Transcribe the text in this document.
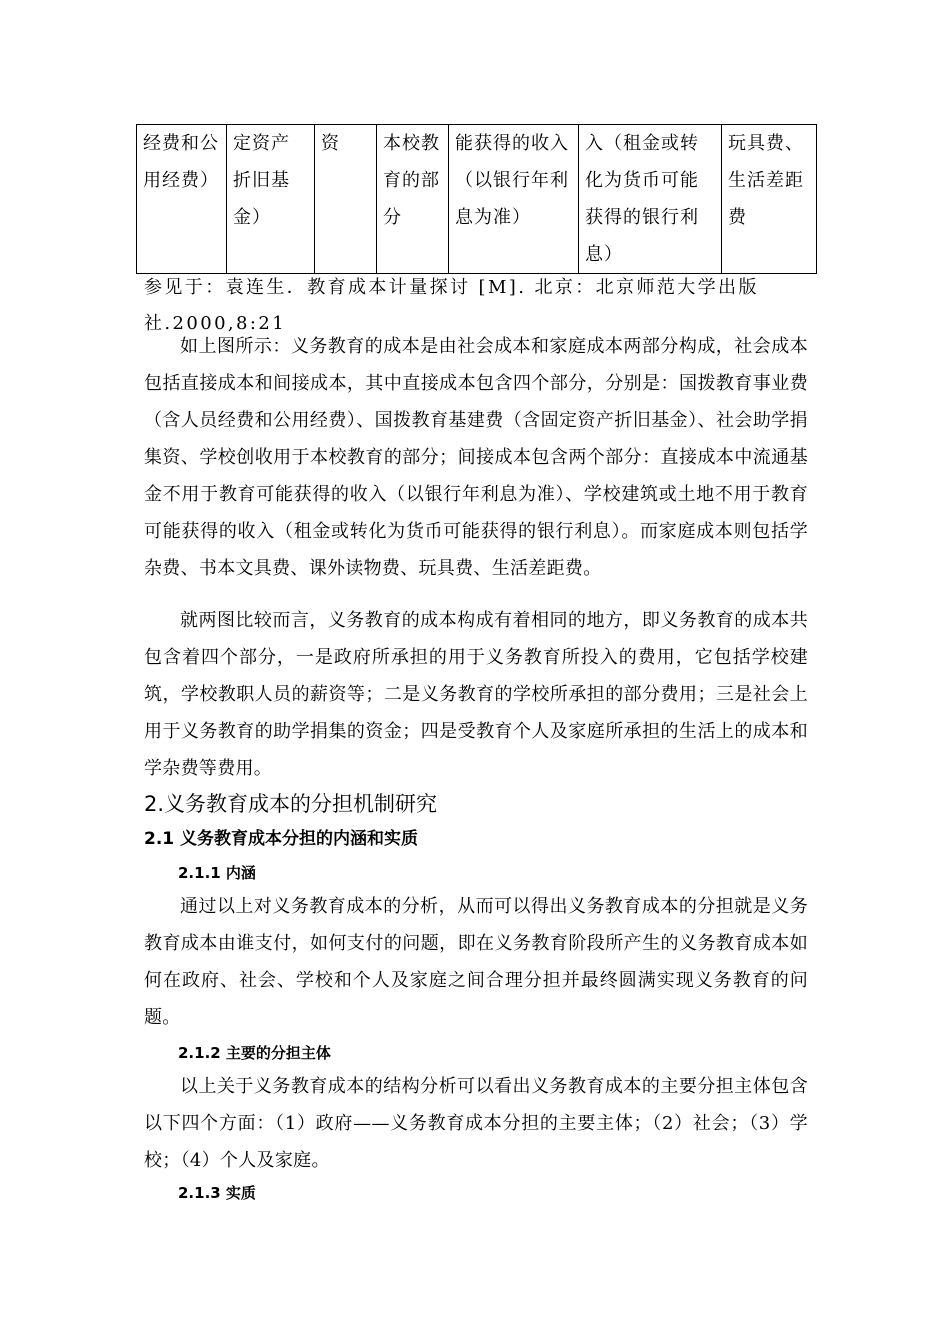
经费和公用经费）	定资产折旧基金）	资	本校教育的部分	能获得的收入（以银行年利息为准）	入（租金或转化为货币可能获得的银行利息）	玩具费、生活差距费
参见于：袁连生．教育成本计量探讨 [M]. 北京：北京师范大学出版社.2000,8:21

如上图所示：义务教育的成本是由社会成本和家庭成本两部分构成，社会成本包括直接成本和间接成本，其中直接成本包含四个部分，分别是：国拨教育事业费（含人员经费和公用经费）、国拨教育基建费（含固定资产折旧基金）、社会助学捐集资、学校创收用于本校教育的部分；间接成本包含两个部分：直接成本中流通基金不用于教育可能获得的收入（以银行年利息为准）、学校建筑或土地不用于教育可能获得的收入（租金或转化为货币可能获得的银行利息）。而家庭成本则包括学杂费、书本文具费、课外读物费、玩具费、生活差距费。

就两图比较而言，义务教育的成本构成有着相同的地方，即义务教育的成本共包含着四个部分，一是政府所承担的用于义务教育所投入的费用，它包括学校建筑，学校教职人员的薪资等；二是义务教育的学校所承担的部分费用；三是社会上用于义务教育的助学捐集的资金；四是受教育个人及家庭所承担的生活上的成本和学杂费等费用。

2.义务教育成本的分担机制研究
2.1 义务教育成本分担的内涵和实质
2.1.1 内涵

通过以上对义务教育成本的分析，从而可以得出义务教育成本的分担就是义务教育成本由谁支付，如何支付的问题，即在义务教育阶段所产生的义务教育成本如何在政府、社会、学校和个人及家庭之间合理分担并最终圆满实现义务教育的问题。

2.1.2 主要的分担主体

以上关于义务教育成本的结构分析可以看出义务教育成本的主要分担主体包含以下四个方面：（1）政府——义务教育成本分担的主要主体；（2）社会；（3）学校；（4）个人及家庭。

2.1.3 实质
